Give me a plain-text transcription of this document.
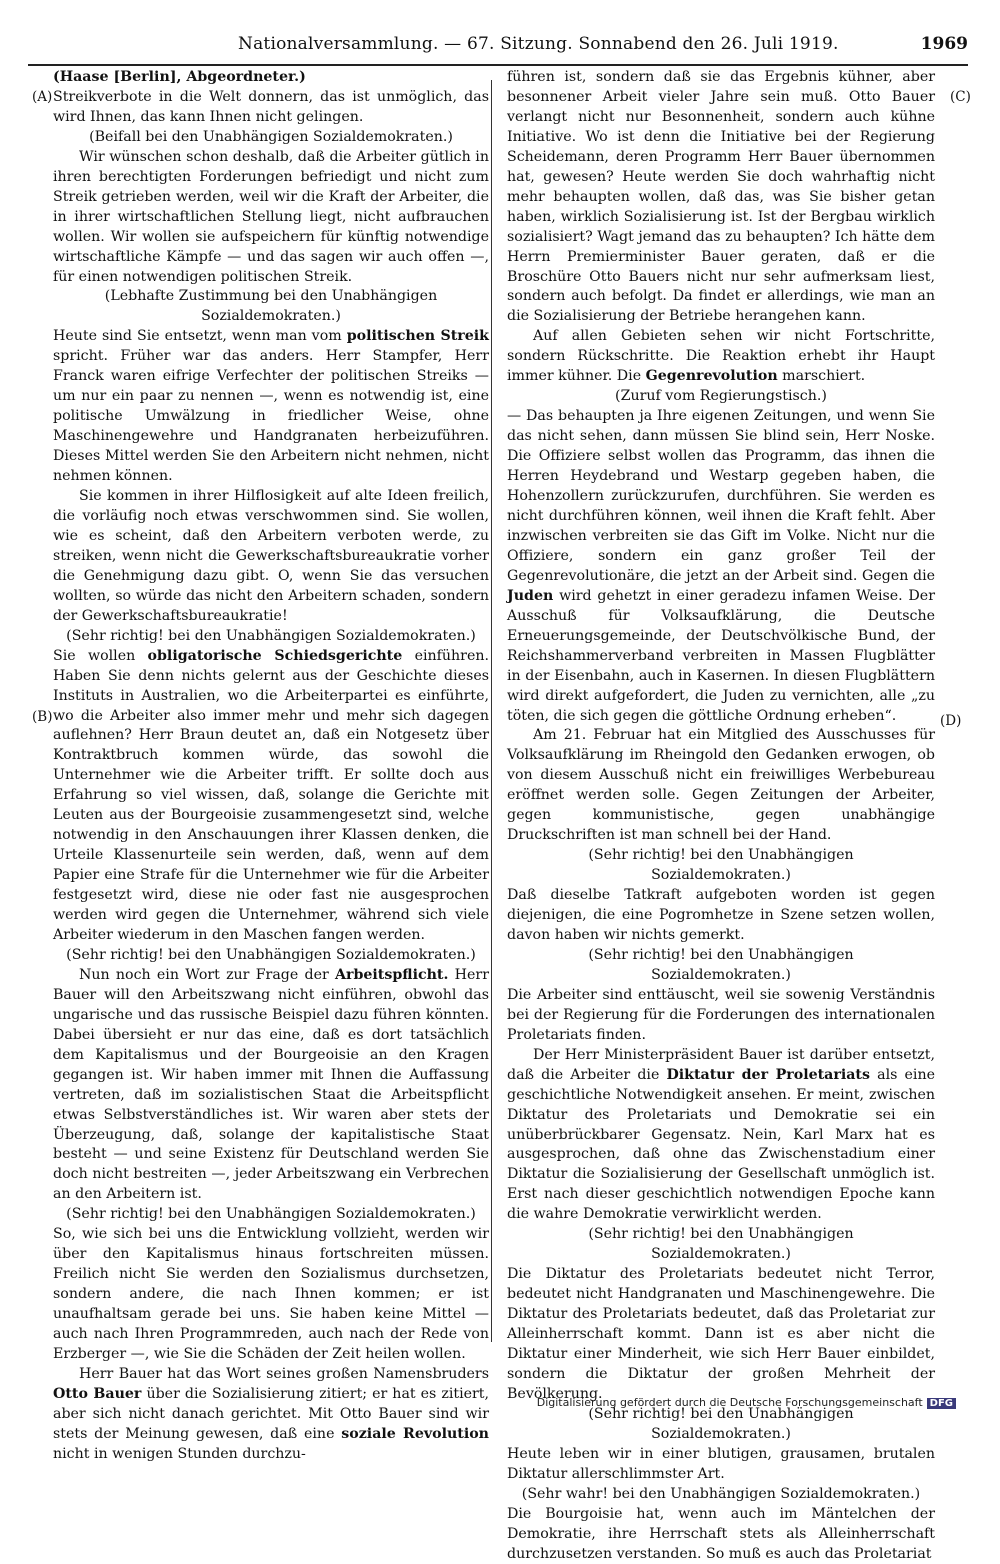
Nationalversammlung. — 67. Sitzung. Sonnabend den 26. Juli 1919.	1969
(A)
(B)
(C)
(D)

(Haase [Berlin], Abgeordneter.)

Streikverbote in die Welt donnern, das ist unmöglich, das wird Ihnen, das kann Ihnen nicht gelingen.

(Beifall bei den Unabhängigen Sozialdemokraten.)

Wir wünschen schon deshalb, daß die Arbeiter gütlich in ihren berechtigten Forderungen befriedigt und nicht zum Streik getrieben werden, weil wir die Kraft der Arbeiter, die in ihrer wirtschaftlichen Stellung liegt, nicht aufbrauchen wollen. Wir wollen sie aufspeichern für künftig notwendige wirtschaftliche Kämpfe — und das sagen wir auch offen —, für einen notwendigen politischen Streik.

(Lebhafte Zustimmung bei den Unabhängigen Sozialdemokraten.)

Heute sind Sie entsetzt, wenn man vom politischen Streik spricht. Früher war das anders. Herr Stampfer, Herr Franck waren eifrige Verfechter der politischen Streiks — um nur ein paar zu nennen —, wenn es notwendig ist, eine politische Umwälzung in friedlicher Weise, ohne Maschinengewehre und Handgranaten herbeizuführen. Dieses Mittel werden Sie den Arbeitern nicht nehmen, nicht nehmen können.

Sie kommen in ihrer Hilflosigkeit auf alte Ideen freilich, die vorläufig noch etwas verschwommen sind. Sie wollen, wie es scheint, daß den Arbeitern verboten werde, zu streiken, wenn nicht die Gewerkschaftsbureaukratie vorher die Genehmigung dazu gibt. O, wenn Sie das versuchen wollten, so würde das nicht den Arbeitern schaden, sondern der Gewerkschaftsbureaukratie!

(Sehr richtig! bei den Unabhängigen Sozialdemokraten.)

Sie wollen obligatorische Schiedsgerichte einführen. Haben Sie denn nichts gelernt aus der Geschichte dieses Instituts in Australien, wo die Arbeiterpartei es einführte, wo die Arbeiter also immer mehr und mehr sich dagegen auflehnen? Herr Braun deutet an, daß ein Notgesetz über Kontraktbruch kommen würde, das sowohl die Unternehmer wie die Arbeiter trifft. Er sollte doch aus Erfahrung so viel wissen, daß, solange die Gerichte mit Leuten aus der Bourgeoisie zusammengesetzt sind, welche notwendig in den Anschauungen ihrer Klassen denken, die Urteile Klassenurteile sein werden, daß, wenn auf dem Papier eine Strafe für die Unternehmer wie für die Arbeiter festgesetzt wird, diese nie oder fast nie ausgesprochen werden wird gegen die Unternehmer, während sich viele Arbeiter wiederum in den Maschen fangen werden.

(Sehr richtig! bei den Unabhängigen Sozialdemokraten.)

Nun noch ein Wort zur Frage der Arbeitspflicht. Herr Bauer will den Arbeitszwang nicht einführen, obwohl das ungarische und das russische Beispiel dazu führen könnten. Dabei übersieht er nur das eine, daß es dort tatsächlich dem Kapitalismus und der Bourgeoisie an den Kragen gegangen ist. Wir haben immer mit Ihnen die Auffassung vertreten, daß im sozialistischen Staat die Arbeitspflicht etwas Selbstverständliches ist. Wir waren aber stets der Überzeugung, daß, solange der kapitalistische Staat besteht — und seine Existenz für Deutschland werden Sie doch nicht bestreiten —, jeder Arbeitszwang ein Verbrechen an den Arbeitern ist.

(Sehr richtig! bei den Unabhängigen Sozialdemokraten.)

So, wie sich bei uns die Entwicklung vollzieht, werden wir über den Kapitalismus hinaus fortschreiten müssen. Freilich nicht Sie werden den Sozialismus durchsetzen, sondern andere, die nach Ihnen kommen; er ist unaufhaltsam gerade bei uns. Sie haben keine Mittel — auch nach Ihren Programmreden, auch nach der Rede von Erzberger —, wie Sie die Schäden der Zeit heilen wollen.

Herr Bauer hat das Wort seines großen Namensbruders Otto Bauer über die Sozialisierung zitiert; er hat es zitiert, aber sich nicht danach gerichtet. Mit Otto Bauer sind wir stets der Meinung gewesen, daß eine soziale Revolution nicht in wenigen Stunden durchzu-

führen ist, sondern daß sie das Ergebnis kühner, aber besonnener Arbeit vieler Jahre sein muß. Otto Bauer verlangt nicht nur Besonnenheit, sondern auch kühne Initiative. Wo ist denn die Initiative bei der Regierung Scheidemann, deren Programm Herr Bauer übernommen hat, gewesen? Heute werden Sie doch wahrhaftig nicht mehr behaupten wollen, daß das, was Sie bisher getan haben, wirklich Sozialisierung ist. Ist der Bergbau wirklich sozialisiert? Wagt jemand das zu behaupten? Ich hätte dem Herrn Premierminister Bauer geraten, daß er die Broschüre Otto Bauers nicht nur sehr aufmerksam liest, sondern auch befolgt. Da findet er allerdings, wie man an die Sozialisierung der Betriebe herangehen kann.

Auf allen Gebieten sehen wir nicht Fortschritte, sondern Rückschritte. Die Reaktion erhebt ihr Haupt immer kühner. Die Gegenrevolution marschiert.

(Zuruf vom Regierungstisch.)

— Das behaupten ja Ihre eigenen Zeitungen, und wenn Sie das nicht sehen, dann müssen Sie blind sein, Herr Noske. Die Offiziere selbst wollen das Programm, das ihnen die Herren Heydebrand und Westarp gegeben haben, die Hohenzollern zurückzurufen, durchführen. Sie werden es nicht durchführen können, weil ihnen die Kraft fehlt. Aber inzwischen verbreiten sie das Gift im Volke. Nicht nur die Offiziere, sondern ein ganz großer Teil der Gegenrevolutionäre, die jetzt an der Arbeit sind. Gegen die Juden wird gehetzt in einer geradezu infamen Weise. Der Ausschuß für Volksaufklärung, die Deutsche Erneuerungsgemeinde, der Deutschvölkische Bund, der Reichshammerverband verbreiten in Massen Flugblätter in der Eisenbahn, auch in Kasernen. In diesen Flugblättern wird direkt aufgefordert, die Juden zu vernichten, alle „zu töten, die sich gegen die göttliche Ordnung erheben“.

Am 21. Februar hat ein Mitglied des Ausschusses für Volksaufklärung im Rheingold den Gedanken erwogen, ob von diesem Ausschuß nicht ein freiwilliges Werbebureau eröffnet werden solle. Gegen Zeitungen der Arbeiter, gegen kommunistische, gegen unabhängige Druckschriften ist man schnell bei der Hand.

(Sehr richtig! bei den Unabhängigen Sozialdemokraten.)

Daß dieselbe Tatkraft aufgeboten worden ist gegen diejenigen, die eine Pogromhetze in Szene setzen wollen, davon haben wir nichts gemerkt.

(Sehr richtig! bei den Unabhängigen Sozialdemokraten.)

Die Arbeiter sind enttäuscht, weil sie sowenig Verständnis bei der Regierung für die Forderungen des internationalen Proletariats finden.

Der Herr Ministerpräsident Bauer ist darüber entsetzt, daß die Arbeiter die Diktatur der Proletariats als eine geschichtliche Notwendigkeit ansehen. Er meint, zwischen Diktatur des Proletariats und Demokratie sei ein unüberbrückbarer Gegensatz. Nein, Karl Marx hat es ausgesprochen, daß ohne das Zwischenstadium einer Diktatur die Sozialisierung der Gesellschaft unmöglich ist. Erst nach dieser geschichtlich notwendigen Epoche kann die wahre Demokratie verwirklicht werden.

(Sehr richtig! bei den Unabhängigen Sozialdemokraten.)

Die Diktatur des Proletariats bedeutet nicht Terror, bedeutet nicht Handgranaten und Maschinengewehre. Die Diktatur des Proletariats bedeutet, daß das Proletariat zur Alleinherrschaft kommt. Dann ist es aber nicht die Diktatur einer Minderheit, wie sich Herr Bauer einbildet, sondern die Diktatur der großen Mehrheit der Bevölkerung.

(Sehr richtig! bei den Unabhängigen Sozialdemokraten.)

Heute leben wir in einer blutigen, grausamen, brutalen Diktatur allerschlimmster Art.

(Sehr wahr! bei den Unabhängigen Sozialdemokraten.)

Die Bourgoisie hat, wenn auch im Mäntelchen der Demokratie, ihre Herrschaft stets als Alleinherrschaft durchzusetzen verstanden. So muß es auch das Proletariat

Digitalisierung gefördert durch die Deutsche Forschungsgemeinschaft DFG
